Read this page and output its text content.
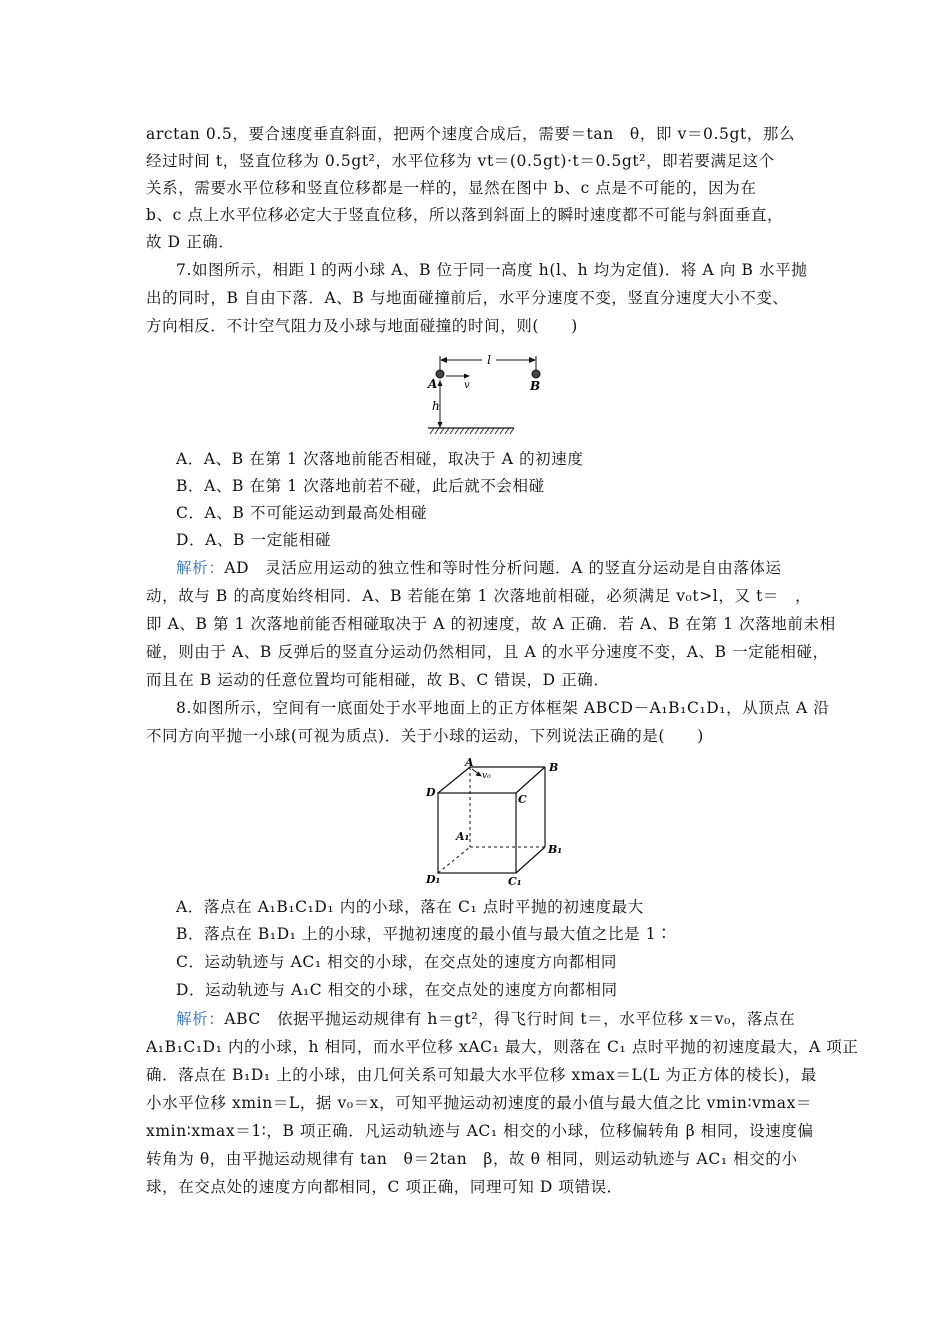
arctan 0.5，要合速度垂直斜面，把两个速度合成后，需要＝tan　θ，即 v＝0.5gt，那么
经过时间 t，竖直位移为 0.5gt²，水平位移为 vt＝(0.5gt)·t＝0.5gt²，即若要满足这个
关系，需要水平位移和竖直位移都是一样的，显然在图中 b、c 点是不可能的，因为在
b、c 点上水平位移必定大于竖直位移，所以落到斜面上的瞬时速度都不可能与斜面垂直，
故 D 正确．
7.如图所示，相距 l 的两小球 A、B 位于同一高度 h(l、h 均为定值)．将 A 向 B 水平抛
出的同时，B 自由下落．A、B 与地面碰撞前后，水平分速度不变，竖直分速度大小不变、
方向相反．不计空气阻力及小球与地面碰撞的时间，则(　　)
l
A	B
v
h
A．A、B 在第 1 次落地前能否相碰，取决于 A 的初速度
B．A、B 在第 1 次落地前若不碰，此后就不会相碰
C．A、B 不可能运动到最高处相碰
D．A、B 一定能相碰
解析：AD　灵活应用运动的独立性和等时性分析问题．A 的竖直分运动是自由落体运
动，故与 B 的高度始终相同．A、B 若能在第 1 次落地前相碰，必须满足 v₀t>l，又 t＝　，
即 A、B 第 1 次落地前能否相碰取决于 A 的初速度，故 A 正确．若 A、B 在第 1 次落地前未相
碰，则由于 A、B 反弹后的竖直分运动仍然相同，且 A 的水平分速度不变，A、B 一定能相碰，
而且在 B 运动的任意位置均可能相碰，故 B、C 错误，D 正确．
8.如图所示，空间有一底面处于水平地面上的正方体框架 ABCD－A₁B₁C₁D₁，从顶点 A 沿
不同方向平抛一小球(可视为质点)．关于小球的运动，下列说法正确的是(　　)
A
v₀
B
C
D
A₁
B₁
C₁
D₁
A．落点在 A₁B₁C₁D₁ 内的小球，落在 C₁ 点时平抛的初速度最大
B．落点在 B₁D₁ 上的小球，平抛初速度的最小值与最大值之比是 1∶
C．运动轨迹与 AC₁ 相交的小球，在交点处的速度方向都相同
D．运动轨迹与 A₁C 相交的小球，在交点处的速度方向都相同
解析：ABC　依据平抛运动规律有 h＝gt²，得飞行时间 t＝，水平位移 x＝v₀，落点在
A₁B₁C₁D₁ 内的小球，h 相同，而水平位移 xAC₁ 最大，则落在 C₁ 点时平抛的初速度最大，A 项正
确．落点在 B₁D₁ 上的小球，由几何关系可知最大水平位移 xmax＝L(L 为正方体的棱长)，最
小水平位移 xmin＝L，据 v₀＝x，可知平抛运动初速度的最小值与最大值之比 vmin∶vmax＝
xmin∶xmax＝1∶，B 项正确．凡运动轨迹与 AC₁ 相交的小球，位移偏转角 β 相同，设速度偏
转角为 θ，由平抛运动规律有 tan　θ＝2tan　β，故 θ 相同，则运动轨迹与 AC₁ 相交的小
球，在交点处的速度方向都相同，C 项正确，同理可知 D 项错误．
